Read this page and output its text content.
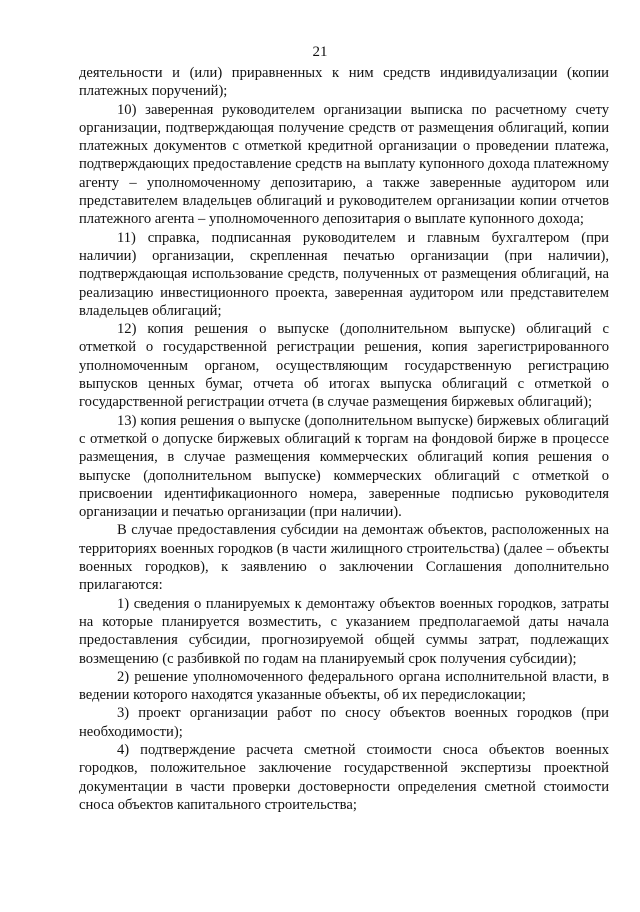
21

деятельности и (или) приравненных к ним средств индивидуализации (копии платежных поручений);

10) заверенная руководителем организации выписка по расчетному счету организации, подтверждающая получение средств от размещения облигаций, копии платежных документов с отметкой кредитной организации о проведении платежа, подтверждающих предоставление средств на выплату купонного дохода платежному агенту – уполномоченному депозитарию, а также заверенные аудитором или представителем владельцев облигаций и руководителем организации копии отчетов платежного агента – уполномоченного депозитария о выплате купонного дохода;

11) справка, подписанная руководителем и главным бухгалтером (при наличии) организации, скрепленная печатью организации (при наличии), подтверждающая использование средств, полученных от размещения облигаций, на реализацию инвестиционного проекта, заверенная аудитором или представителем владельцев облигаций;

12) копия решения о выпуске (дополнительном выпуске) облигаций с отметкой о государственной регистрации решения, копия зарегистрированного уполномоченным органом, осуществляющим государственную регистрацию выпусков ценных бумаг, отчета об итогах выпуска облигаций с отметкой о государственной регистрации отчета (в случае размещения биржевых облигаций);

13) копия решения о выпуске (дополнительном выпуске) биржевых облигаций с отметкой о допуске биржевых облигаций к торгам на фондовой бирже в процессе размещения, в случае размещения коммерческих облигаций копия решения о выпуске (дополнительном выпуске) коммерческих облигаций с отметкой о присвоении идентификационного номера, заверенные подписью руководителя организации и печатью организации (при наличии).

В случае предоставления субсидии на демонтаж объектов, расположенных на территориях военных городков (в части жилищного строительства) (далее – объекты военных городков), к заявлению о заключении Соглашения дополнительно прилагаются:

1) сведения о планируемых к демонтажу объектов военных городков, затраты на которые планируется возместить, с указанием предполагаемой даты начала предоставления субсидии, прогнозируемой общей суммы затрат, подлежащих возмещению (с разбивкой по годам на планируемый срок получения субсидии);

2) решение уполномоченного федерального органа исполнительной власти, в ведении которого находятся указанные объекты, об их передислокации;

3) проект организации работ по сносу объектов военных городков (при необходимости);

4) подтверждение расчета сметной стоимости сноса объектов военных городков, положительное заключение государственной экспертизы проектной документации в части проверки достоверности определения сметной стоимости сноса объектов капитального строительства;
